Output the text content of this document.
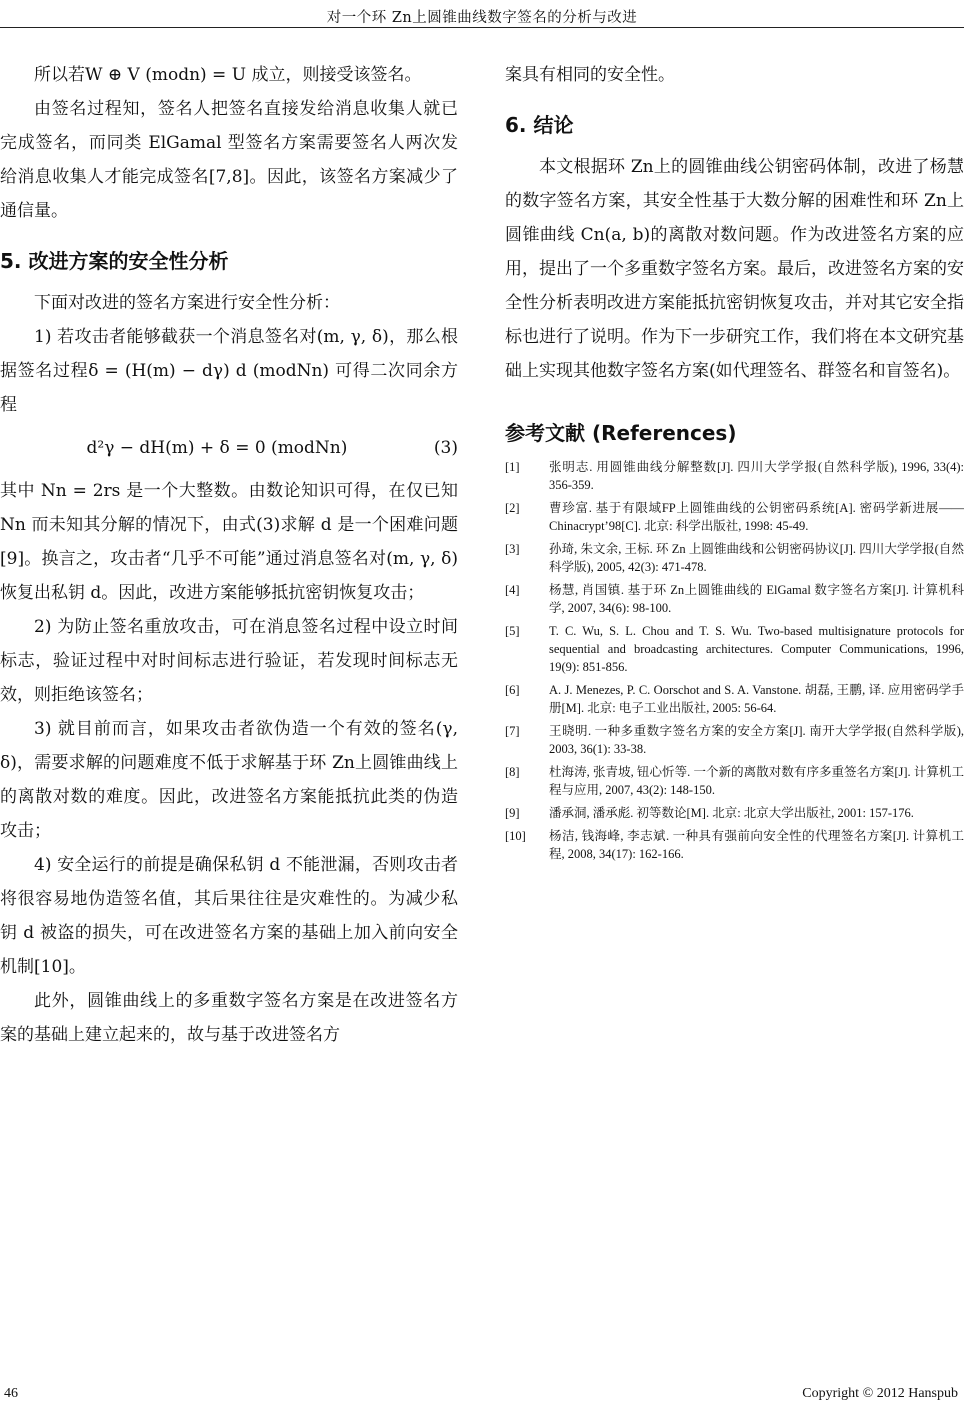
对一个环 Zn上圆锥曲线数字签名的分析与改进

所以若W ⊕ V (modn) = U 成立，则接受该签名。

由签名过程知，签名人把签名直接发给消息收集人就已完成签名，而同类 ElGamal 型签名方案需要签名人两次发给消息收集人才能完成签名[7,8]。因此，该签名方案减少了通信量。

5. 改进方案的安全性分析

下面对改进的签名方案进行安全性分析：

1) 若攻击者能够截获一个消息签名对(m, γ, δ)，那么根据签名过程δ = (H(m) − dγ) d (modNn) 可得二次同余方程

d²γ − dH(m) + δ = 0 (modNn)	(3)

其中 Nn = 2rs 是一个大整数。由数论知识可得，在仅已知 Nn 而未知其分解的情况下，由式(3)求解 d 是一个困难问题[9]。换言之，攻击者“几乎不可能”通过消息签名对(m, γ, δ)恢复出私钥 d。因此，改进方案能够抵抗密钥恢复攻击；

2) 为防止签名重放攻击，可在消息签名过程中设立时间标志，验证过程中对时间标志进行验证，若发现时间标志无效，则拒绝该签名；

3) 就目前而言，如果攻击者欲伪造一个有效的签名(γ, δ)，需要求解的问题难度不低于求解基于环 Zn上圆锥曲线上的离散对数的难度。因此，改进签名方案能抵抗此类的伪造攻击；

4) 安全运行的前提是确保私钥 d 不能泄漏，否则攻击者将很容易地伪造签名值，其后果往往是灾难性的。为减少私钥 d 被盗的损失，可在改进签名方案的基础上加入前向安全机制[10]。

此外，圆锥曲线上的多重数字签名方案是在改进签名方案的基础上建立起来的，故与基于改进签名方

案具有相同的安全性。

6. 结论

本文根据环 Zn上的圆锥曲线公钥密码体制，改进了杨慧的数字签名方案，其安全性基于大数分解的困难性和环 Zn上圆锥曲线 Cn(a, b)的离散对数问题。作为改进签名方案的应用，提出了一个多重数字签名方案。最后，改进签名方案的安全性分析表明改进方案能抵抗密钥恢复攻击，并对其它安全指标也进行了说明。作为下一步研究工作，我们将在本文研究基础上实现其他数字签名方案(如代理签名、群签名和盲签名)。

参考文献 (References)
[1]	张明志. 用圆锥曲线分解整数[J]. 四川大学学报(自然科学版), 1996, 33(4): 356-359.
[2]	曹珍富. 基于有限域FP上圆锥曲线的公钥密码系统[A]. 密码学新进展——Chinacrypt’98[C]. 北京: 科学出版社, 1998: 45-49.
[3]	孙琦, 朱文余, 王标. 环 Zn 上圆锥曲线和公钥密码协议[J]. 四川大学学报(自然科学版), 2005, 42(3): 471-478.
[4]	杨慧, 肖国镇. 基于环 Zn上圆锥曲线的 ElGamal 数字签名方案[J]. 计算机科学, 2007, 34(6): 98-100.
[5]	T. C. Wu, S. L. Chou and T. S. Wu. Two-based multisignature protocols for sequential and broadcasting architectures. Computer Communications, 1996, 19(9): 851-856.
[6]	A. J. Menezes, P. C. Oorschot and S. A. Vanstone. 胡磊, 王鹏, 译. 应用密码学手册[M]. 北京: 电子工业出版社, 2005: 56-64.
[7]	王晓明. 一种多重数字签名方案的安全方案[J]. 南开大学学报(自然科学版), 2003, 36(1): 33-38.
[8]	杜海涛, 张青坡, 钮心忻等. 一个新的离散对数有序多重签名方案[J]. 计算机工程与应用, 2007, 43(2): 148-150.
[9]	潘承洞, 潘承彪. 初等数论[M]. 北京: 北京大学出版社, 2001: 157-176.
[10]	杨洁, 钱海峰, 李志斌. 一种具有强前向安全性的代理签名方案[J]. 计算机工程, 2008, 34(17): 162-166.
46	Copyright © 2012 Hanspub
